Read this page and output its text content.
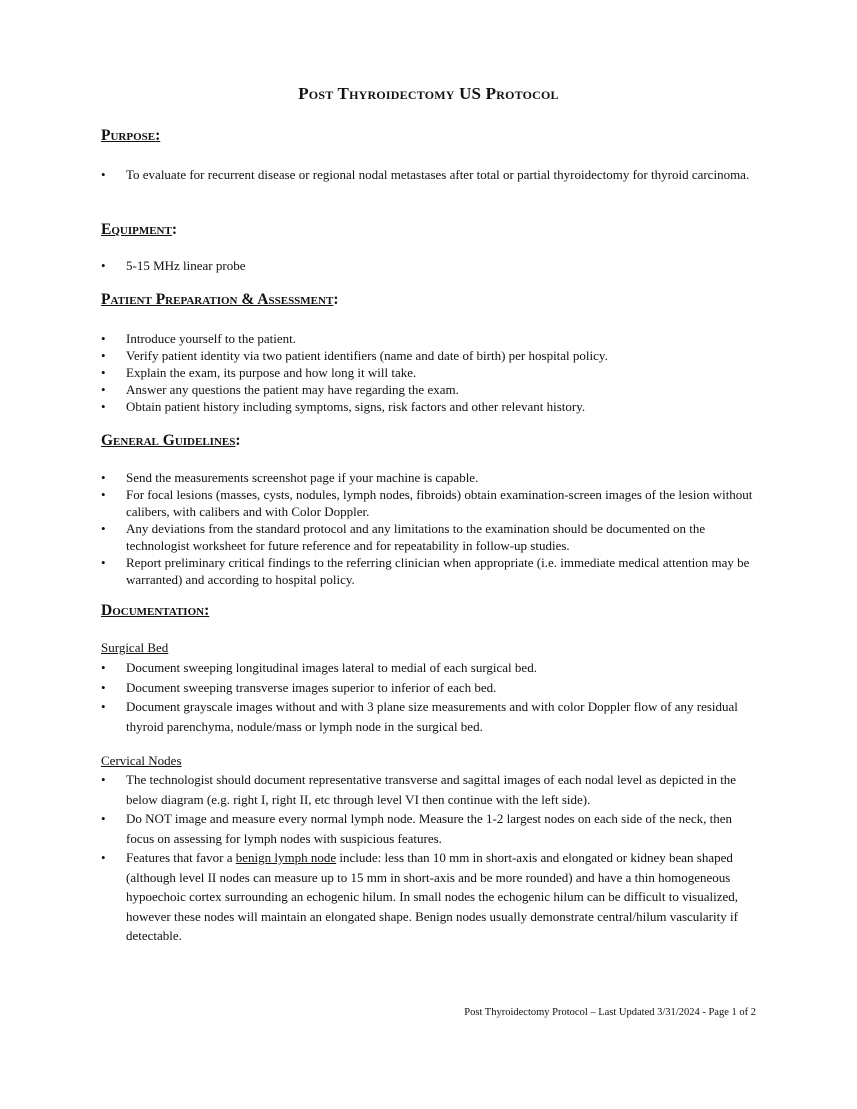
Post Thyroidectomy US Protocol
Purpose:
• To evaluate for recurrent disease or regional nodal metastases after total or partial thyroidectomy for thyroid carcinoma.
Equipment:
• 5-15 MHz linear probe
Patient Preparation & Assessment:
• Introduce yourself to the patient.
• Verify patient identity via two patient identifiers (name and date of birth) per hospital policy.
• Explain the exam, its purpose and how long it will take.
• Answer any questions the patient may have regarding the exam.
• Obtain patient history including symptoms, signs, risk factors and other relevant history.
General Guidelines:
• Send the measurements screenshot page if your machine is capable.
• For focal lesions (masses, cysts, nodules, lymph nodes, fibroids) obtain examination-screen images of the lesion without calibers, with calibers and with Color Doppler.
• Any deviations from the standard protocol and any limitations to the examination should be documented on the technologist worksheet for future reference and for repeatability in follow-up studies.
• Report preliminary critical findings to the referring clinician when appropriate (i.e. immediate medical attention may be warranted) and according to hospital policy.
Documentation:
Surgical Bed
• Document sweeping longitudinal images lateral to medial of each surgical bed.
• Document sweeping transverse images superior to inferior of each bed.
• Document grayscale images without and with 3 plane size measurements and with color Doppler flow of any residual thyroid parenchyma, nodule/mass or lymph node in the surgical bed.
Cervical Nodes
• The technologist should document representative transverse and sagittal images of each nodal level as depicted in the below diagram (e.g. right I, right II, etc through level VI then continue with the left side).
• Do NOT image and measure every normal lymph node. Measure the 1-2 largest nodes on each side of the neck, then focus on assessing for lymph nodes with suspicious features.
• Features that favor a benign lymph node include: less than 10 mm in short-axis and elongated or kidney bean shaped (although level II nodes can measure up to 15 mm in short-axis and be more rounded) and have a thin homogeneous hypoechoic cortex surrounding an echogenic hilum. In small nodes the echogenic hilum can be difficult to visualized, however these nodes will maintain an elongated shape. Benign nodes usually demonstrate central/hilum vascularity if detectable.
Post Thyroidectomy Protocol – Last Updated 3/31/2024 - Page 1 of 2
